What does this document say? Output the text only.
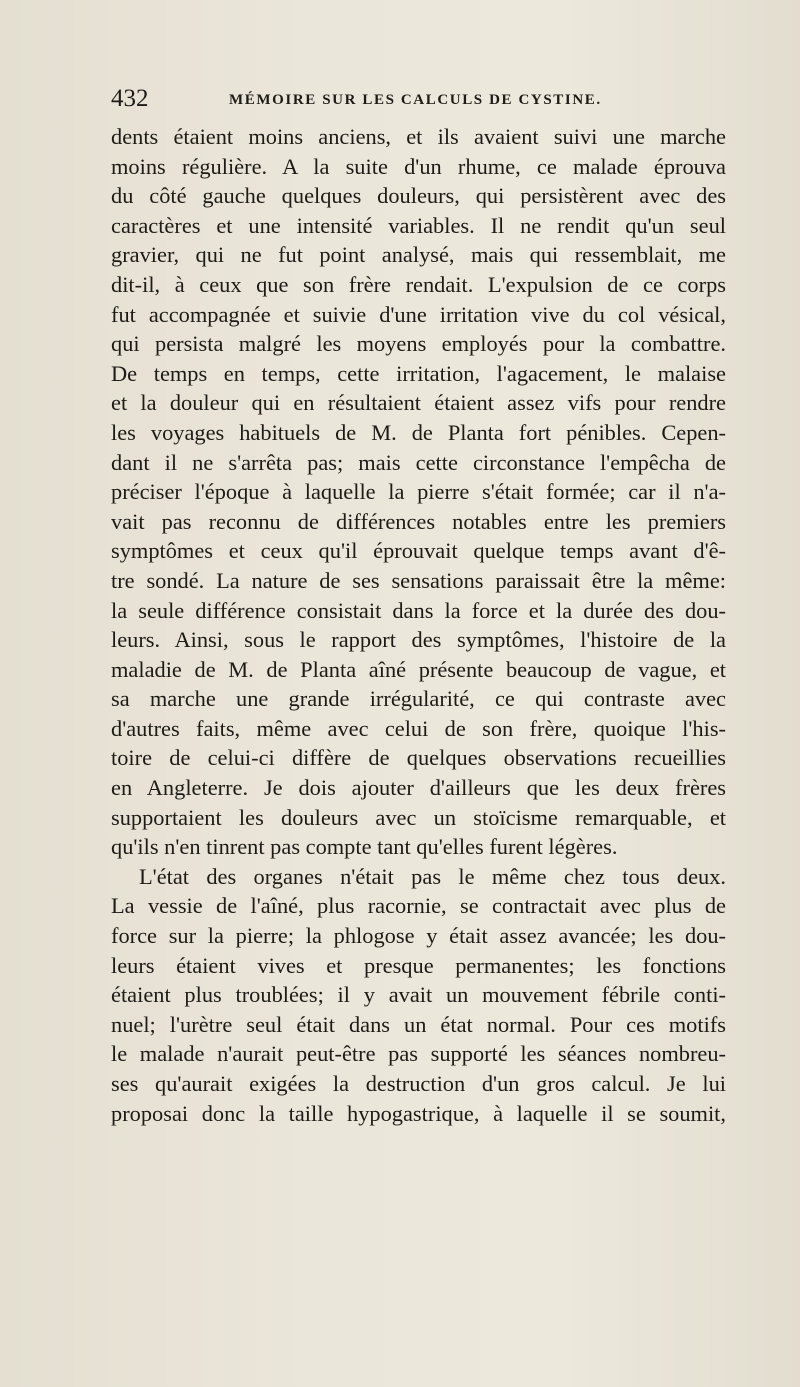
432	MÉMOIRE SUR LES CALCULS DE CYSTINE.
dents étaient moins anciens, et ils avaient suivi une marche
moins régulière. A la suite d'un rhume, ce malade éprouva
du côté gauche quelques douleurs, qui persistèrent avec des
caractères et une intensité variables. Il ne rendit qu'un seul
gravier, qui ne fut point analysé, mais qui ressemblait, me
dit-il, à ceux que son frère rendait. L'expulsion de ce corps
fut accompagnée et suivie d'une irritation vive du col vésical,
qui persista malgré les moyens employés pour la combattre.
De temps en temps, cette irritation, l'agacement, le malaise
et la douleur qui en résultaient étaient assez vifs pour rendre
les voyages habituels de M. de Planta fort pénibles. Cepen-
dant il ne s'arrêta pas; mais cette circonstance l'empêcha de
préciser l'époque à laquelle la pierre s'était formée; car il n'a-
vait pas reconnu de différences notables entre les premiers
symptômes et ceux qu'il éprouvait quelque temps avant d'ê-
tre sondé. La nature de ses sensations paraissait être la même:
la seule différence consistait dans la force et la durée des dou-
leurs. Ainsi, sous le rapport des symptômes, l'histoire de la
maladie de M. de Planta aîné présente beaucoup de vague, et
sa marche une grande irrégularité, ce qui contraste avec
d'autres faits, même avec celui de son frère, quoique l'his-
toire de celui-ci diffère de quelques observations recueillies
en Angleterre. Je dois ajouter d'ailleurs que les deux frères
supportaient les douleurs avec un stoïcisme remarquable, et
qu'ils n'en tinrent pas compte tant qu'elles furent légères.
L'état des organes n'était pas le même chez tous deux.
La vessie de l'aîné, plus racornie, se contractait avec plus de
force sur la pierre; la phlogose y était assez avancée; les dou-
leurs étaient vives et presque permanentes; les fonctions
étaient plus troublées; il y avait un mouvement fébrile conti-
nuel; l'urètre seul était dans un état normal. Pour ces motifs
le malade n'aurait peut-être pas supporté les séances nombreu-
ses qu'aurait exigées la destruction d'un gros calcul. Je lui
proposai donc la taille hypogastrique, à laquelle il se soumit,
